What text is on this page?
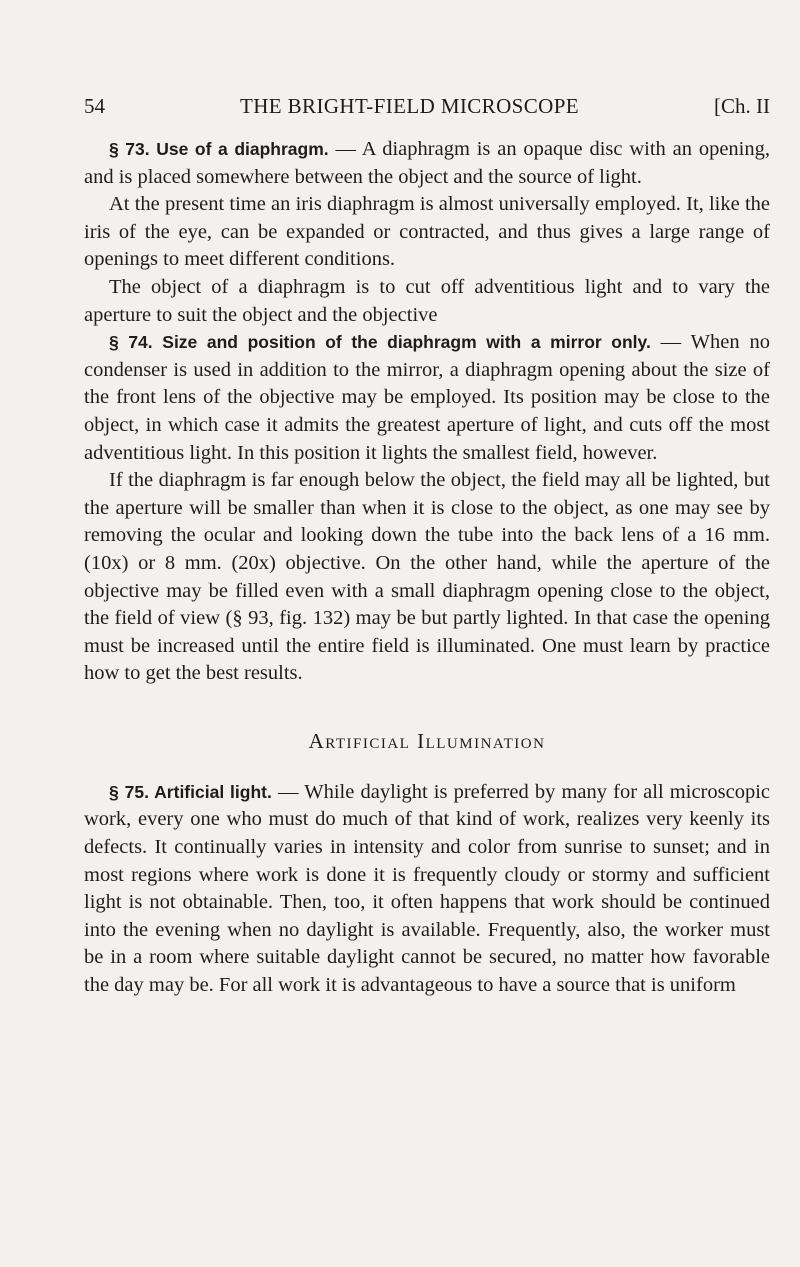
54	THE BRIGHT-FIELD MICROSCOPE	[Ch. II

§ 73. Use of a diaphragm. — A diaphragm is an opaque disc with an opening, and is placed somewhere between the object and the source of light.

At the present time an iris diaphragm is almost universally employed. It, like the iris of the eye, can be expanded or contracted, and thus gives a large range of openings to meet different conditions.

The object of a diaphragm is to cut off adventitious light and to vary the aperture to suit the object and the objective

§ 74. Size and position of the diaphragm with a mirror only. — When no condenser is used in addition to the mirror, a diaphragm opening about the size of the front lens of the objective may be employed. Its position may be close to the object, in which case it admits the greatest aperture of light, and cuts off the most adventitious light. In this position it lights the smallest field, however.

If the diaphragm is far enough below the object, the field may all be lighted, but the aperture will be smaller than when it is close to the object, as one may see by removing the ocular and looking down the tube into the back lens of a 16 mm. (10x) or 8 mm. (20x) objective. On the other hand, while the aperture of the objective may be filled even with a small diaphragm opening close to the object, the field of view (§ 93, fig. 132) may be but partly lighted. In that case the opening must be increased until the entire field is illuminated. One must learn by practice how to get the best results.

Artificial Illumination

§ 75. Artificial light. — While daylight is preferred by many for all microscopic work, every one who must do much of that kind of work, realizes very keenly its defects. It continually varies in intensity and color from sunrise to sunset; and in most regions where work is done it is frequently cloudy or stormy and sufficient light is not obtainable. Then, too, it often happens that work should be continued into the evening when no daylight is available. Frequently, also, the worker must be in a room where suitable daylight cannot be secured, no matter how favorable the day may be. For all work it is advantageous to have a source that is uniform
